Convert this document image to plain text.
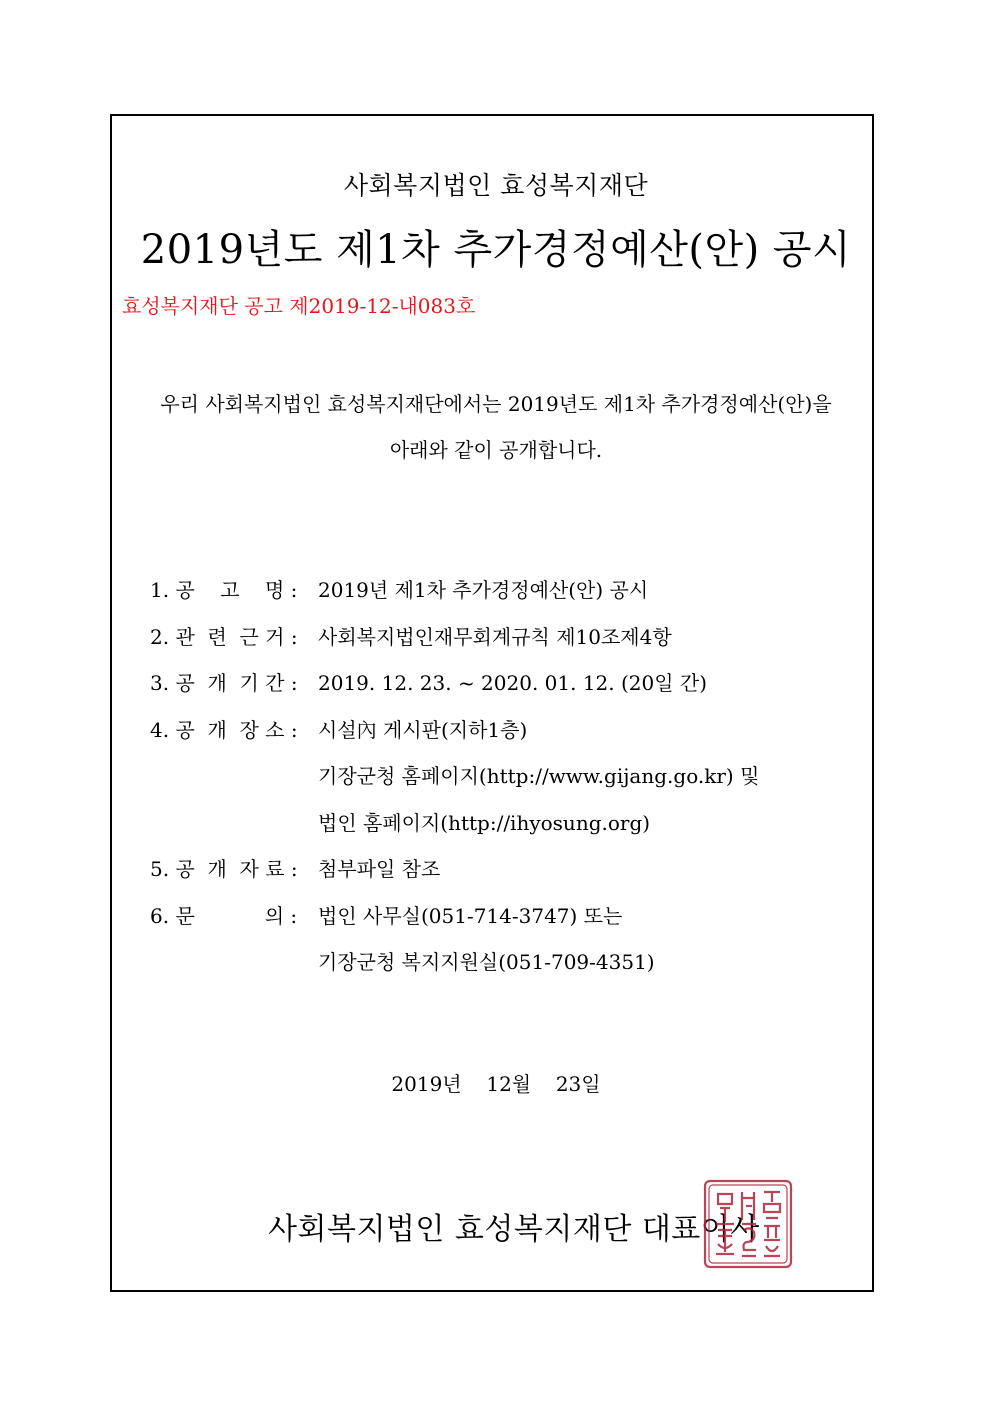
사회복지법인 효성복지재단
2019년도 제1차 추가경정예산(안) 공시
효성복지재단 공고 제2019-12-내083호
우리 사회복지법인 효성복지재단에서는 2019년도 제1차 추가경정예산(안)을
아래와 같이 공개합니다.
1. 공    고    명 :	2019년 제1차 추가경정예산(안) 공시
2. 관  련  근 거 :	사회복지법인재무회계규칙 제10조제4항
3. 공  개  기 간 :	2019. 12. 23. ~ 2020. 01. 12. (20일 간)
4. 공  개  장 소 :	시설內 게시판(지하1층)
기장군청 홈페이지(http://www.gijang.go.kr) 및
법인 홈페이지(http://ihyosung.org)
5. 공  개  자 료 :	첨부파일 참조
6. 문           의 :	법인 사무실(051-714-3747) 또는
기장군청 복지지원실(051-709-4351)
2019년  12월  23일
사회복지법인 효성복지재단 대표이사
